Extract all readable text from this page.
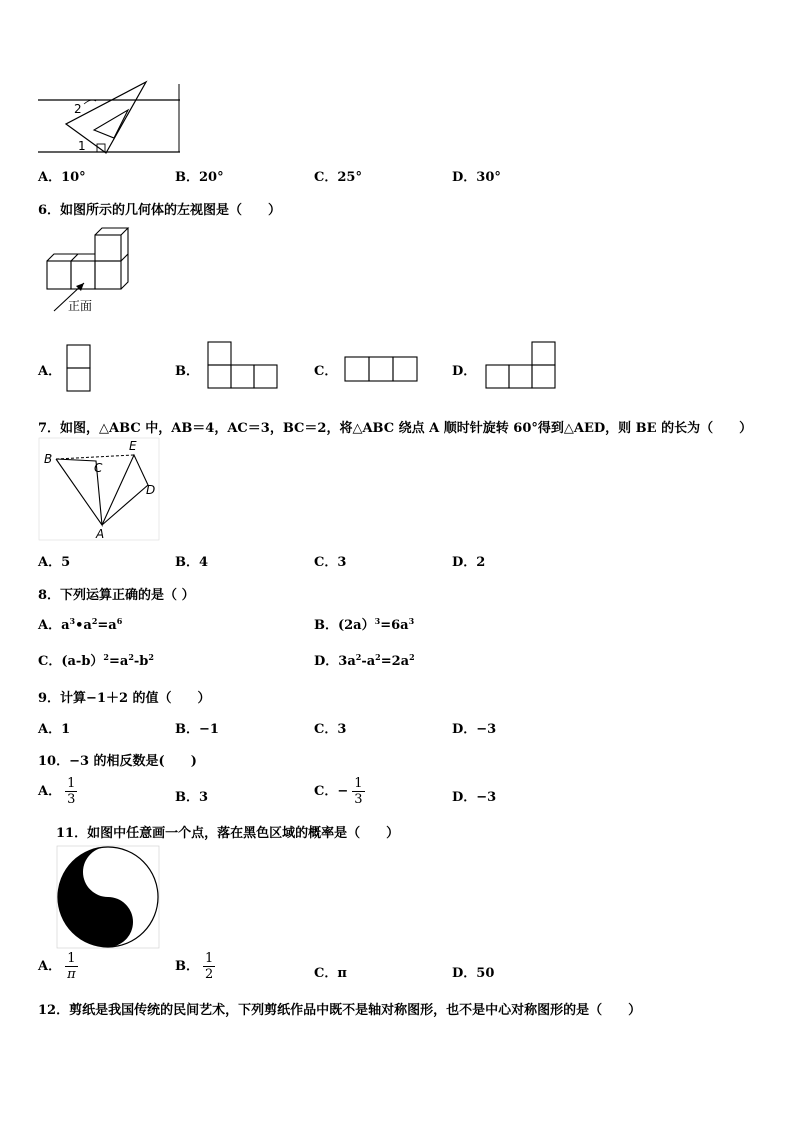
2
1
A．10°	B．20°	C．25°	D．30°
6．如图所示的几何体的左视图是（　　）
正面
A．	B．	C．	D．
7．如图，△ABC 中，AB＝4，AC＝3，BC＝2，将△ABC 绕点 A 顺时针旋转 60°得到△AED，则 BE 的长为（　　）
B
C
E
D
A
A．5	B．4	C．3	D．2
8．下列运算正确的是（ ）
A．$a^3•a^2=a^6$	B．$(2a)^3=6a^3$
C．$(a-b)^2=a^2-b^2$	D．$3a^2-a^2=2a^2$
9．计算−1＋2 的值（　　）
A．1	B．−1	C．3	D．−3
10．−3 的相反数是(　　)
A． $\frac{1}{3}$	B．3	C．− $\frac{1}{3}$	D．−3
11．如图中任意画一个点，落在黑色区域的概率是（　　）
A． $\frac{1}{\pi}$	B． $\frac{1}{2}$	C．π	D．50
12．剪纸是我国传统的民间艺术，下列剪纸作品中既不是轴对称图形，也不是中心对称图形的是（　　）
